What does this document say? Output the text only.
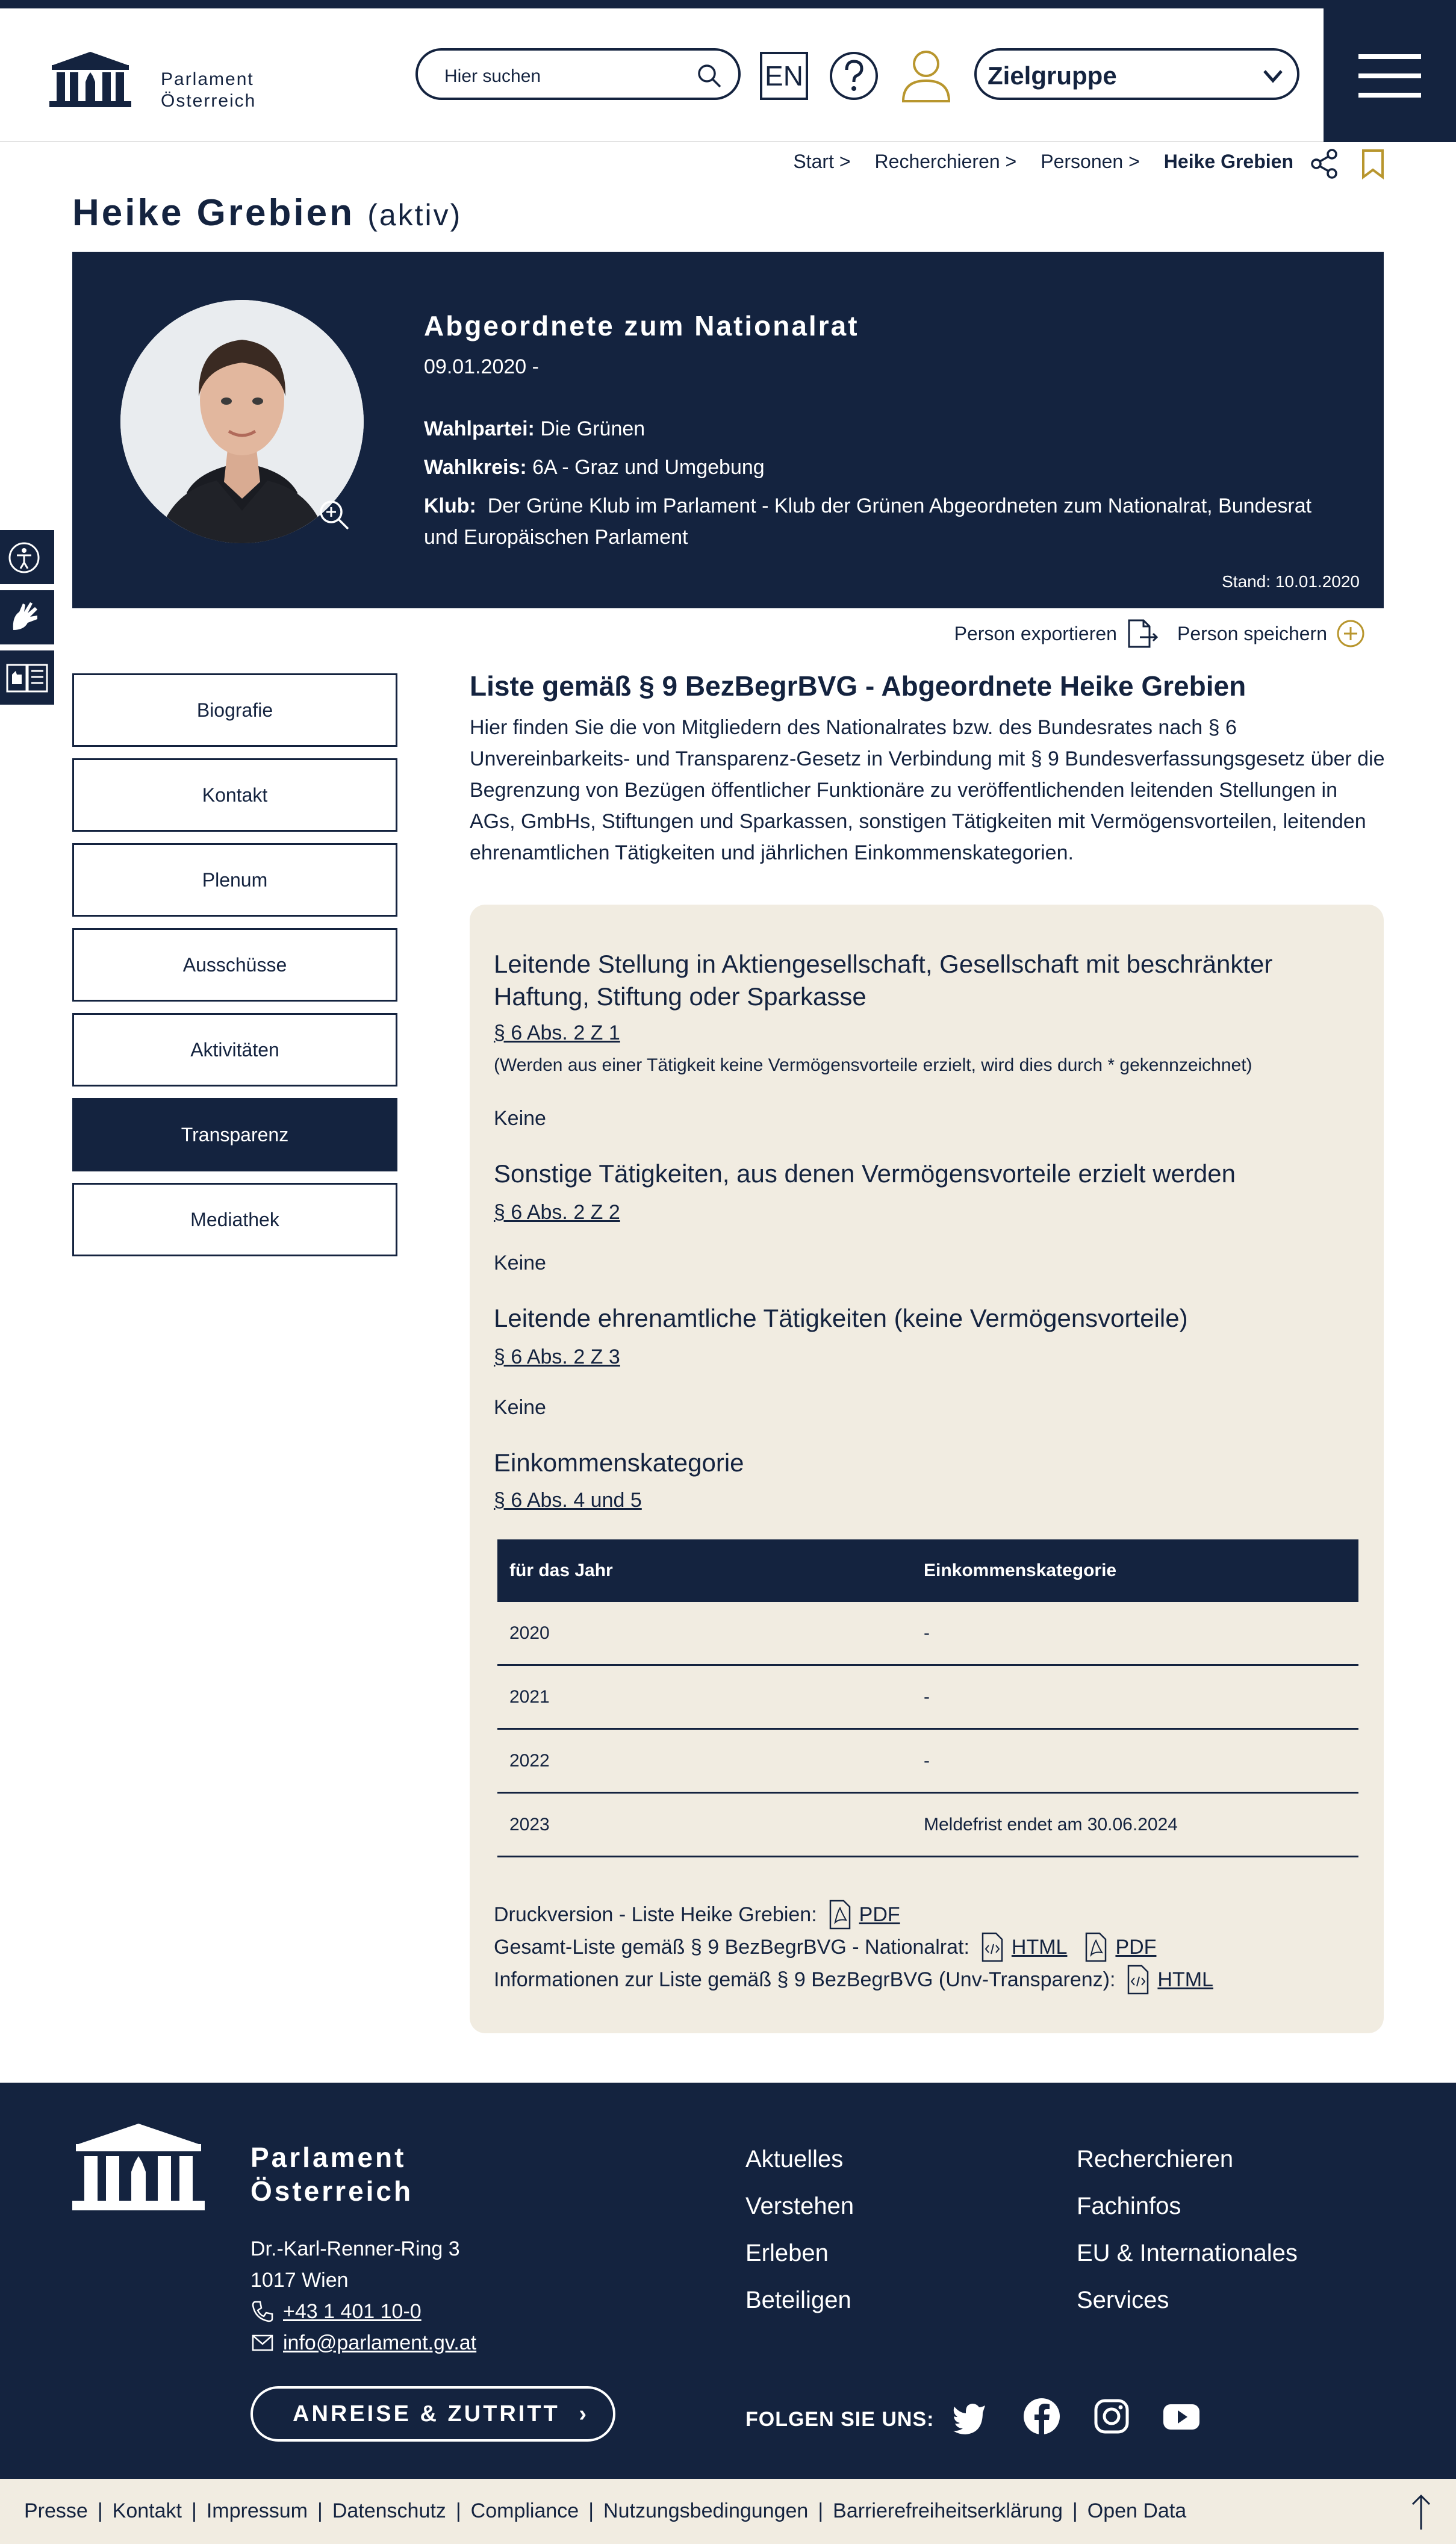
Parlament
Österreich
Hier suchen	EN	Zielgruppe
Start > Recherchieren > Personen > Heike Grebien
Heike Grebien (aktiv)
Abgeordnete zum Nationalrat
09.01.2020 -
Wahlpartei: Die Grünen
Wahlkreis: 6A - Graz und Umgebung
Klub: Der Grüne Klub im Parlament - Klub der Grünen Abgeordneten zum Nationalrat, Bundesrat und Europäischen Parlament
Stand: 10.01.2020
Person exportieren	Person speichern
Biografie
Kontakt
Plenum
Ausschüsse
Aktivitäten
Transparenz
Mediathek
Liste gemäß § 9 BezBegrBVG - Abgeordnete Heike Grebien
Hier finden Sie die von Mitgliedern des Nationalrates bzw. des Bundesrates nach § 6 Unvereinbarkeits- und Transparenz-Gesetz in Verbindung mit § 9 Bundesverfassungsgesetz über die Begrenzung von Bezügen öffentlicher Funktionäre zu veröffentlichenden leitenden Stellungen in AGs, GmbHs, Stiftungen und Sparkassen, sonstigen Tätigkeiten mit Vermögensvorteilen, leitenden ehrenamtlichen Tätigkeiten und jährlichen Einkommenskategorien.
Leitende Stellung in Aktiengesellschaft, Gesellschaft mit beschränkter Haftung, Stiftung oder Sparkasse
§ 6 Abs. 2 Z 1
(Werden aus einer Tätigkeit keine Vermögensvorteile erzielt, wird dies durch * gekennzeichnet)
Keine
Sonstige Tätigkeiten, aus denen Vermögensvorteile erzielt werden
§ 6 Abs. 2 Z 2
Keine
Leitende ehrenamtliche Tätigkeiten (keine Vermögensvorteile)
§ 6 Abs. 2 Z 3
Keine
Einkommenskategorie
§ 6 Abs. 4 und 5
für das Jahr	Einkommenskategorie
2020	-
2021	-
2022	-
2023	Meldefrist endet am 30.06.2024
Druckversion - Liste Heike Grebien: PDF
Gesamt-Liste gemäß § 9 BezBegrBVG - Nationalrat: HTML PDF
Informationen zur Liste gemäß § 9 BezBegrBVG (Unv-Transparenz): HTML
Parlament
Österreich
Dr.-Karl-Renner-Ring 3
1017 Wien
+43 1 401 10-0
info@parlament.gv.at
ANREISE & ZUTRITT ›
Aktuelles
Verstehen
Erleben
Beteiligen
Recherchieren
Fachinfos
EU & Internationales
Services
FOLGEN SIE UNS:
Presse | Kontakt | Impressum | Datenschutz | Compliance | Nutzungsbedingungen | Barrierefreiheitserklärung | Open Data
